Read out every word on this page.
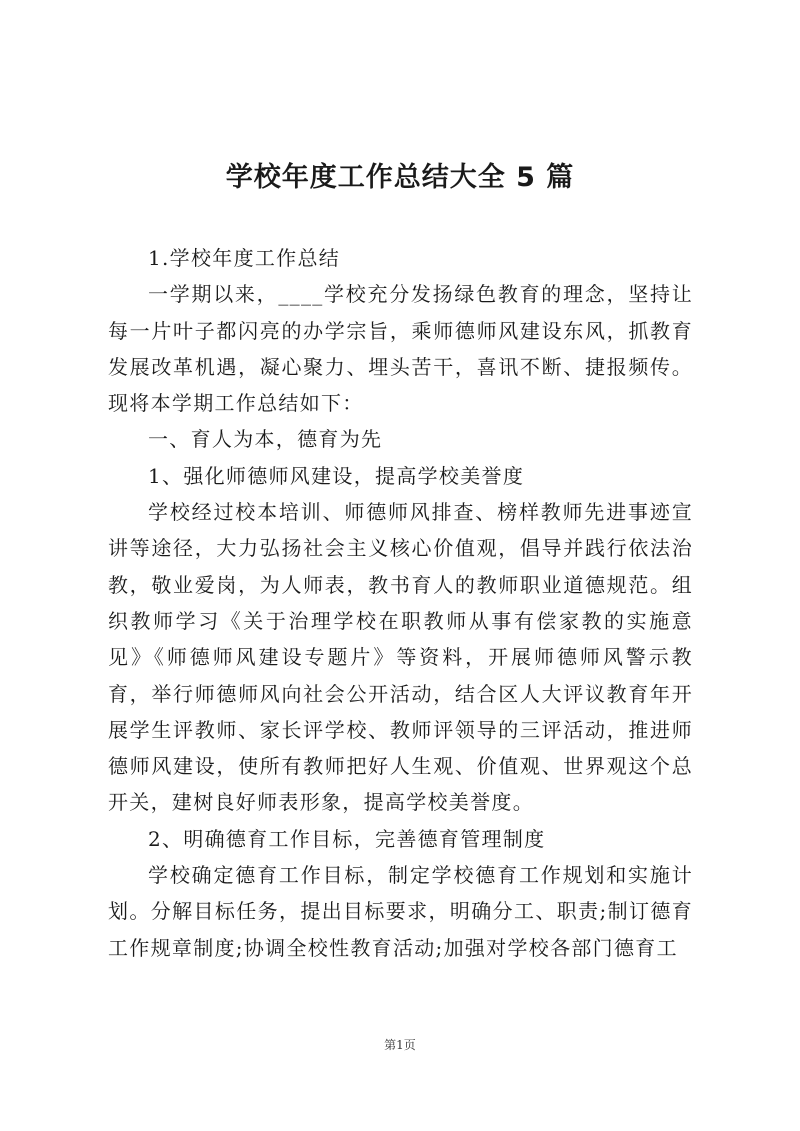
学校年度工作总结大全 5 篇

1.学校年度工作总结

一学期以来，____学校充分发扬绿色教育的理念，坚持让每一片叶子都闪亮的办学宗旨，乘师德师风建设东风，抓教育发展改革机遇，凝心聚力、埋头苦干，喜讯不断、捷报频传。现将本学期工作总结如下：

一、育人为本，德育为先

1、强化师德师风建设，提高学校美誉度

学校经过校本培训、师德师风排查、榜样教师先进事迹宣讲等途径，大力弘扬社会主义核心价值观，倡导并践行依法治教，敬业爱岗，为人师表，教书育人的教师职业道德规范。组织教师学习《关于治理学校在职教师从事有偿家教的实施意见》《师德师风建设专题片》等资料，开展师德师风警示教育，举行师德师风向社会公开活动，结合区人大评议教育年开展学生评教师、家长评学校、教师评领导的三评活动，推进师德师风建设，使所有教师把好人生观、价值观、世界观这个总开关，建树良好师表形象，提高学校美誉度。

2、明确德育工作目标，完善德育管理制度

学校确定德育工作目标，制定学校德育工作规划和实施计划。分解目标任务，提出目标要求，明确分工、职责;制订德育工作规章制度;协调全校性教育活动;加强对学校各部门德育工

第1页
